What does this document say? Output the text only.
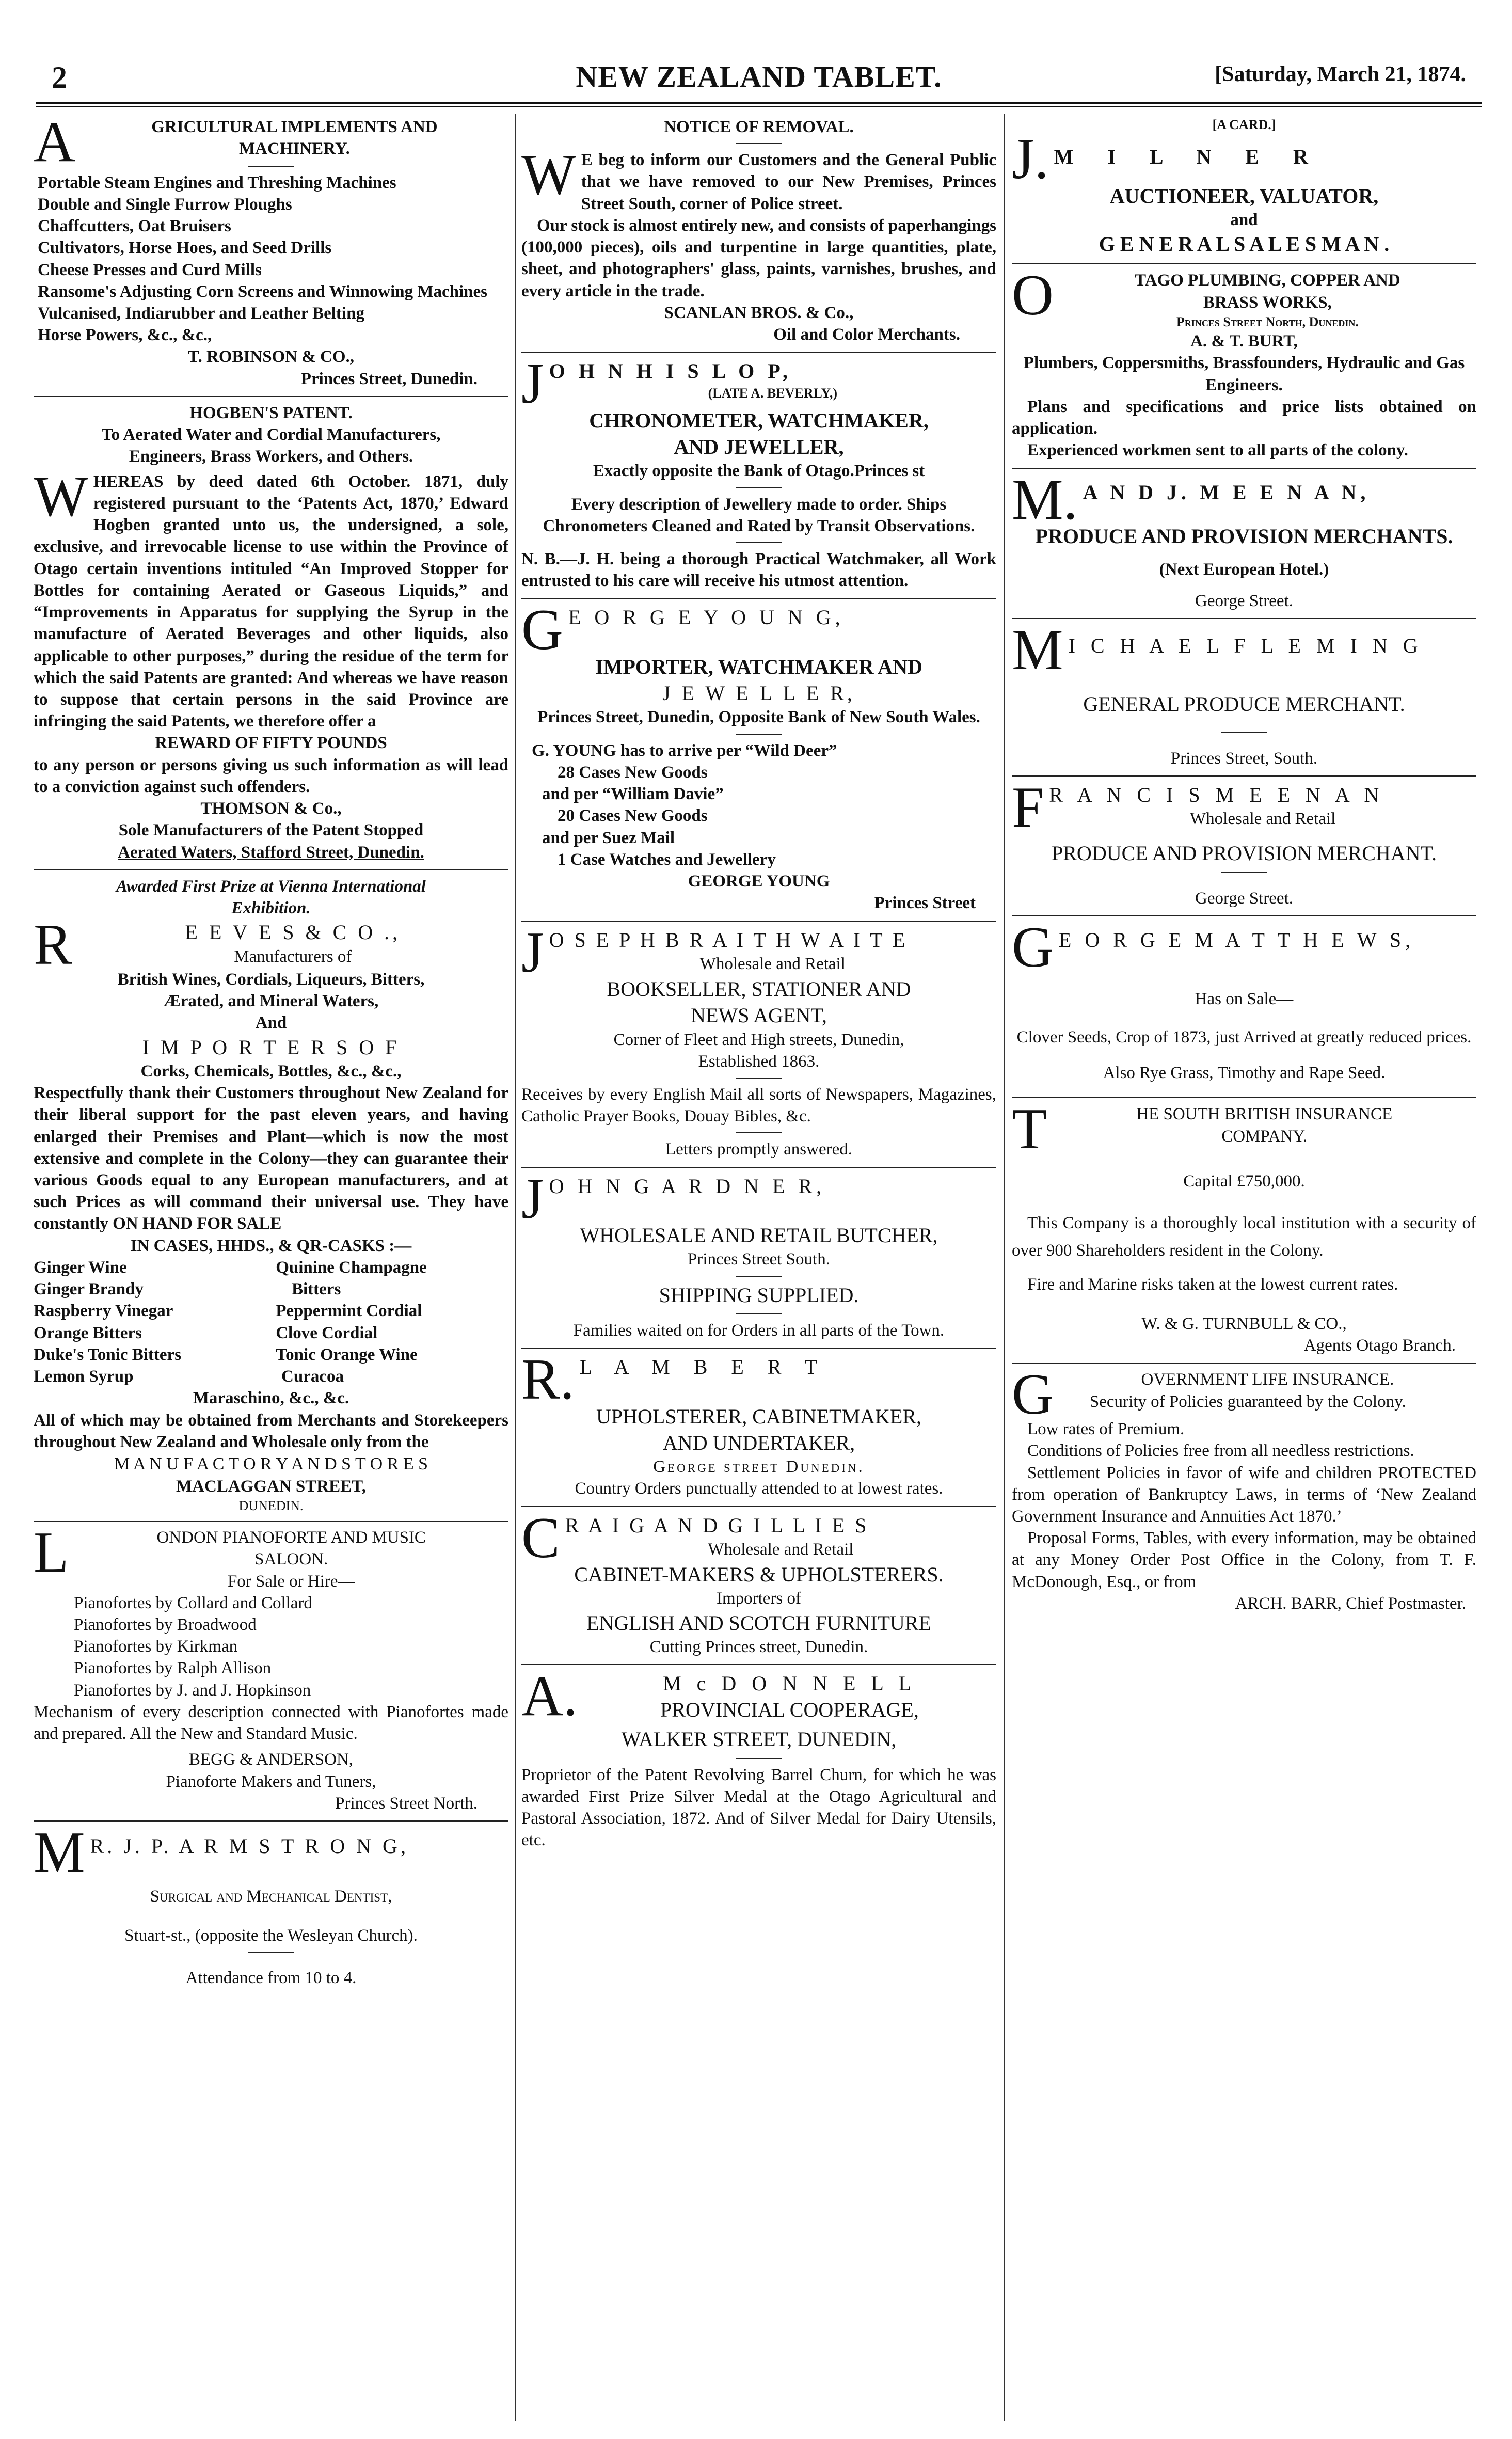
2	NEW ZEALAND TABLET.	[Saturday, March 21, 1874.
A	GRICULTURAL IMPLEMENTS AND

MACHINERY.

Portable Steam Engines and Threshing Machines

Double and Single Furrow Ploughs

Chaffcutters, Oat Bruisers

Cultivators, Horse Hoes, and Seed Drills

Cheese Presses and Curd Mills

Ransome's Adjusting Corn Screens and Winnowing Machines

Vulcanised, Indiarubber and Leather Belting

Horse Powers, &c., &c.,

T. ROBINSON & CO.,

Princes Street, Dunedin.

HOGBEN'S PATENT.

To Aerated Water and Cordial Manufacturers,

Engineers, Brass Workers, and Others.

WHEREAS by deed dated 6th October. 1871, duly registered pursuant to the ‘Patents Act, 1870,’ Edward Hogben granted unto us, the undersigned, a sole, exclusive, and irrevocable license to use within the Province of Otago certain inventions intituled “An Improved Stopper for Bottles for containing Aerated or Gaseous Liquids,” and “Improvements in Apparatus for supplying the Syrup in the manufacture of Aerated Beverages and other liquids, also applicable to other purposes,” during the residue of the term for which the said Patents are granted: And whereas we have reason to suppose that certain persons in the said Province are infringing the said Patents, we therefore offer a

REWARD OF FIFTY POUNDS

to any person or persons giving us such information as will lead to a conviction against such offenders.

THOMSON & Co.,

Sole Manufacturers of the Patent Stopped

Aerated Waters, Stafford Street, Dunedin.

Awarded First Prize at Vienna International

Exhibition.

R	E E V E S & C O .,

Manufacturers of

British Wines, Cordials, Liqueurs, Bitters,

Ærated, and Mineral Waters,

And

I M P O R T E R S O F

Corks, Chemicals, Bottles, &c., &c.,

Respectfully thank their Customers throughout New Zealand for their liberal support for the past eleven years, and having enlarged their Premises and Plant—which is now the most extensive and complete in the Colony—they can guarantee their various Goods equal to any European manufacturers, and at such Prices as will command their universal use. They have constantly ON HAND FOR SALE

IN CASES, HHDS., & QR-CASKS :—

Ginger Wine	Quinine Champagne
Ginger Brandy	Bitters
Raspberry Vinegar	Peppermint Cordial
Orange Bitters	Clove Cordial
Duke's Tonic Bitters	Tonic Orange Wine
Lemon Syrup	Curacoa

Maraschino, &c., &c.

All of which may be obtained from Merchants and Storekeepers throughout New Zealand and Wholesale only from the

M A N U F A C T O R Y A N D S T O R E S

MACLAGGAN STREET,

DUNEDIN.

L	ONDON PIANOFORTE AND MUSIC

SALOON.

For Sale or Hire—

Pianofortes by Collard and Collard

Pianofortes by Broadwood

Pianofortes by Kirkman

Pianofortes by Ralph Allison

Pianofortes by J. and J. Hopkinson

Mechanism of every description connected with Pianofortes made and prepared. All the New and Standard Music.

BEGG & ANDERSON,

Pianoforte Makers and Tuners,

Princes Street North.

M R. J. P. A R M S T R O N G,

Surgical and Mechanical Dentist,

Stuart-st., (opposite the Wesleyan Church).

Attendance from 10 to 4.

NOTICE OF REMOVAL.

W E beg to inform our Customers and the General Public that we have removed to our New Premises, Princes Street South, corner of Police street.

Our stock is almost entirely new, and consists of paperhangings (100,000 pieces), oils and turpentine in large quantities, plate, sheet, and photographers' glass, paints, varnishes, brushes, and every article in the trade.

SCANLAN BROS. & Co.,

Oil and Color Merchants.

J O H N H I S L O P,

(LATE A. BEVERLY,)

CHRONOMETER, WATCHMAKER,

AND JEWELLER,

Exactly opposite the Bank of Otago.Princes st

Every description of Jewellery made to order. Ships Chronometers Cleaned and Rated by Transit Observations.

N. B.—J. H. being a thorough Practical Watchmaker, all Work entrusted to his care will receive his utmost attention.

G E O R G E Y O U N G,

IMPORTER, WATCHMAKER AND

J E W E L L E R,

Princes Street, Dunedin, Opposite Bank of New South Wales.

G. YOUNG has to arrive per “Wild Deer”

28 Cases New Goods

and per “William Davie”

20 Cases New Goods

and per Suez Mail

1 Case Watches and Jewellery

GEORGE YOUNG

Princes Street

J O S E P H B R A I T H W A I T E

Wholesale and Retail

BOOKSELLER, STATIONER AND

NEWS AGENT,

Corner of Fleet and High streets, Dunedin,

Established 1863.

Receives by every English Mail all sorts of Newspapers, Magazines, Catholic Prayer Books, Douay Bibles, &c.

Letters promptly answered.

J O H N G A R D N E R,

WHOLESALE AND RETAIL BUTCHER,

Princes Street South.

SHIPPING SUPPLIED.

Families waited on for Orders in all parts of the Town.

R. L A M B E R T

UPHOLSTERER, CABINETMAKER,

AND UNDERTAKER,

George street Dunedin.

Country Orders punctually attended to at lowest rates.

C R A I G A N D G I L L I E S

Wholesale and Retail

CABINET-MAKERS & UPHOLSTERERS.

Importers of

ENGLISH AND SCOTCH FURNITURE

Cutting Princes street, Dunedin.

A.	M c D O N N E L L

PROVINCIAL COOPERAGE,

WALKER STREET, DUNEDIN,

Proprietor of the Patent Revolving Barrel Churn, for which he was awarded First Prize Silver Medal at the Otago Agricultural and Pastoral Association, 1872. And of Silver Medal for Dairy Utensils, etc.

[A CARD.]

J. M I L N E R

AUCTIONEER, VALUATOR,

and

G E N E R A L S A L E S M A N .

O	TAGO PLUMBING, COPPER AND

BRASS WORKS,

Princes Street North, Dunedin.

A. & T. BURT,

Plumbers, Coppersmiths, Brassfounders, Hydraulic and Gas Engineers.

Plans and specifications and price lists obtained on application.

Experienced workmen sent to all parts of the colony.

M. A N D J. M E E N A N,

PRODUCE AND PROVISION MERCHANTS.

(Next European Hotel.)

George Street.

M I C H A E L F L E M I N G

GENERAL PRODUCE MERCHANT.

Princes Street, South.

F R A N C I S M E E N A N

Wholesale and Retail

PRODUCE AND PROVISION MERCHANT.

George Street.

G E O R G E M A T T H E W S,

Has on Sale—

Clover Seeds, Crop of 1873, just Arrived at greatly reduced prices. Also Rye Grass, Timothy and Rape Seed.

T	HE SOUTH BRITISH INSURANCE

COMPANY.

Capital £750,000.

This Company is a thoroughly local institution with a security of over 900 Shareholders resident in the Colony.

Fire and Marine risks taken at the lowest current rates.

W. & G. TURNBULL & CO.,

Agents Otago Branch.

G	OVERNMENT LIFE INSURANCE.

Security of Policies guaranteed by the Colony.

Low rates of Premium.

Conditions of Policies free from all needless restrictions.

Settlement Policies in favor of wife and children PROTECTED from operation of Bankruptcy Laws, in terms of ‘New Zealand Government Insurance and Annuities Act 1870.’

Proposal Forms, Tables, with every information, may be obtained at any Money Order Post Office in the Colony, from T. F. McDonough, Esq., or from

ARCH. BARR, Chief Postmaster.
